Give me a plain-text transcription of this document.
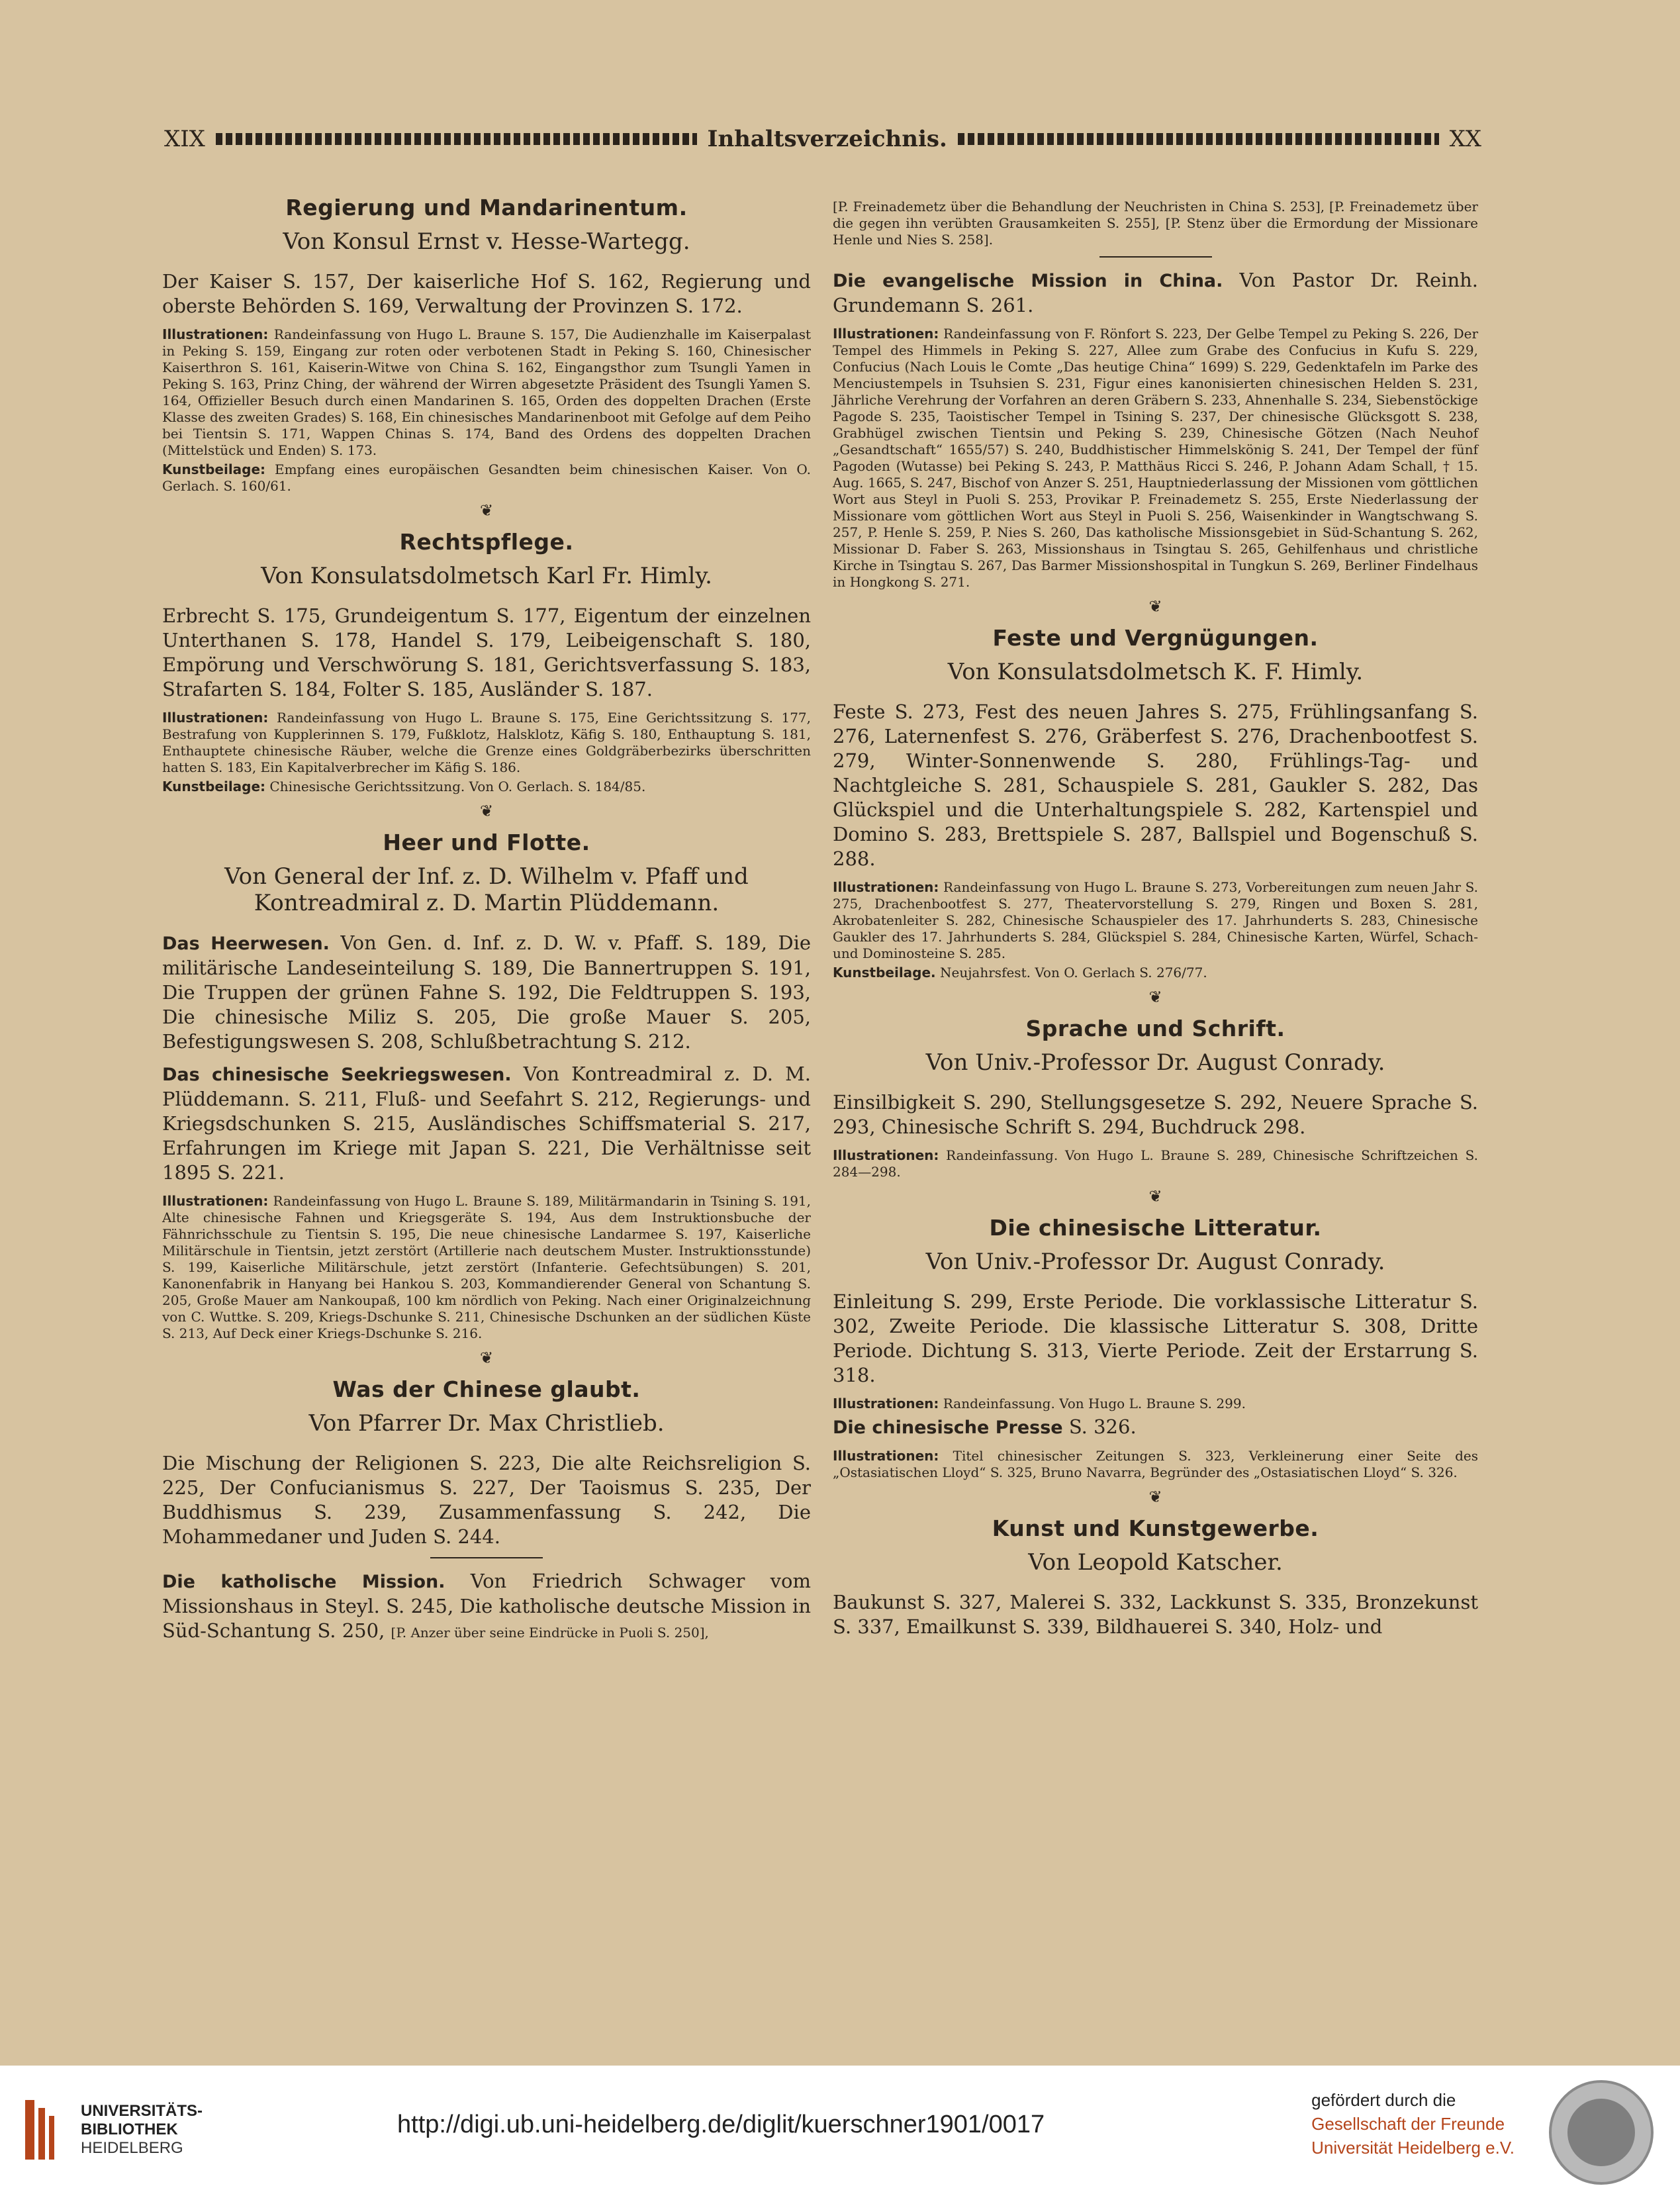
XIX	Inhaltsverzeichnis.	XX
Regierung und Mandarinentum.
Von Konsul Ernst v. Hesse-Wartegg.

Der Kaiser S. 157, Der kaiserliche Hof S. 162, Regierung und oberste Behörden S. 169, Verwaltung der Provinzen S. 172.

Illustrationen: Randeinfassung von Hugo L. Braune S. 157, Die Audienzhalle im Kaiserpalast in Peking S. 159, Eingang zur roten oder verbotenen Stadt in Peking S. 160, Chinesischer Kaiserthron S. 161, Kaiserin-Witwe von China S. 162, Eingangsthor zum Tsungli Yamen in Peking S. 163, Prinz Ching, der während der Wirren abgesetzte Präsident des Tsungli Yamen S. 164, Offizieller Besuch durch einen Mandarinen S. 165, Orden des doppelten Drachen (Erste Klasse des zweiten Grades) S. 168, Ein chinesisches Mandarinenboot mit Gefolge auf dem Peiho bei Tientsin S. 171, Wappen Chinas S. 174, Band des Ordens des doppelten Drachen (Mittelstück und Enden) S. 173.

Kunstbeilage: Empfang eines europäischen Gesandten beim chinesischen Kaiser. Von O. Gerlach. S. 160/61.

❦
Rechtspflege.
Von Konsulatsdolmetsch Karl Fr. Himly.

Erbrecht S. 175, Grundeigentum S. 177, Eigentum der einzelnen Unterthanen S. 178, Handel S. 179, Leibeigenschaft S. 180, Empörung und Verschwörung S. 181, Gerichtsverfassung S. 183, Strafarten S. 184, Folter S. 185, Ausländer S. 187.

Illustrationen: Randeinfassung von Hugo L. Braune S. 175, Eine Gerichtssitzung S. 177, Bestrafung von Kupplerinnen S. 179, Fußklotz, Halsklotz, Käfig S. 180, Enthauptung S. 181, Enthauptete chinesische Räuber, welche die Grenze eines Goldgräberbezirks überschritten hatten S. 183, Ein Kapitalverbrecher im Käfig S. 186.

Kunstbeilage: Chinesische Gerichtssitzung. Von O. Gerlach. S. 184/85.

❦
Heer und Flotte.
Von General der Inf. z. D. Wilhelm v. Pfaff und Kontreadmiral z. D. Martin Plüddemann.

Das Heerwesen. Von Gen. d. Inf. z. D. W. v. Pfaff. S. 189, Die militärische Landeseinteilung S. 189, Die Bannertruppen S. 191, Die Truppen der grünen Fahne S. 192, Die Feldtruppen S. 193, Die chinesische Miliz S. 205, Die große Mauer S. 205, Befestigungswesen S. 208, Schlußbetrachtung S. 212.

Das chinesische Seekriegswesen. Von Kontreadmiral z. D. M. Plüddemann. S. 211, Fluß- und Seefahrt S. 212, Regierungs- und Kriegsdschunken S. 215, Ausländisches Schiffsmaterial S. 217, Erfahrungen im Kriege mit Japan S. 221, Die Verhältnisse seit 1895 S. 221.

Illustrationen: Randeinfassung von Hugo L. Braune S. 189, Militärmandarin in Tsining S. 191, Alte chinesische Fahnen und Kriegsgeräte S. 194, Aus dem Instruktionsbuche der Fähnrichsschule zu Tientsin S. 195, Die neue chinesische Landarmee S. 197, Kaiserliche Militärschule in Tientsin, jetzt zerstört (Artillerie nach deutschem Muster. Instruktionsstunde) S. 199, Kaiserliche Militärschule, jetzt zerstört (Infanterie. Gefechtsübungen) S. 201, Kanonenfabrik in Hanyang bei Hankou S. 203, Kommandierender General von Schantung S. 205, Große Mauer am Nankoupaß, 100 km nördlich von Peking. Nach einer Originalzeichnung von C. Wuttke. S. 209, Kriegs-Dschunke S. 211, Chinesische Dschunken an der südlichen Küste S. 213, Auf Deck einer Kriegs-Dschunke S. 216.

❦
Was der Chinese glaubt.
Von Pfarrer Dr. Max Christlieb.

Die Mischung der Religionen S. 223, Die alte Reichsreligion S. 225, Der Confucianismus S. 227, Der Taoismus S. 235, Der Buddhismus S. 239, Zusammenfassung S. 242, Die Mohammedaner und Juden S. 244.

Die katholische Mission. Von Friedrich Schwager vom Missionshaus in Steyl. S. 245, Die katholische deutsche Mission in Süd-Schantung S. 250, [P. Anzer über seine Eindrücke in Puoli S. 250],

[P. Freinademetz über die Behandlung der Neuchristen in China S. 253], [P. Freinademetz über die gegen ihn verübten Grausamkeiten S. 255], [P. Stenz über die Ermordung der Missionare Henle und Nies S. 258].

Die evangelische Mission in China. Von Pastor Dr. Reinh. Grundemann S. 261.

Illustrationen: Randeinfassung von F. Rönfort S. 223, Der Gelbe Tempel zu Peking S. 226, Der Tempel des Himmels in Peking S. 227, Allee zum Grabe des Confucius in Kufu S. 229, Confucius (Nach Louis le Comte „Das heutige China“ 1699) S. 229, Gedenktafeln im Parke des Menciustempels in Tsuhsien S. 231, Figur eines kanonisierten chinesischen Helden S. 231, Jährliche Verehrung der Vorfahren an deren Gräbern S. 233, Ahnenhalle S. 234, Siebenstöckige Pagode S. 235, Taoistischer Tempel in Tsining S. 237, Der chinesische Glücksgott S. 238, Grabhügel zwischen Tientsin und Peking S. 239, Chinesische Götzen (Nach Neuhof „Gesandtschaft“ 1655/57) S. 240, Buddhistischer Himmelskönig S. 241, Der Tempel der fünf Pagoden (Wutasse) bei Peking S. 243, P. Matthäus Ricci S. 246, P. Johann Adam Schall, † 15. Aug. 1665, S. 247, Bischof von Anzer S. 251, Hauptniederlassung der Missionen vom göttlichen Wort aus Steyl in Puoli S. 253, Provikar P. Freinademetz S. 255, Erste Niederlassung der Missionare vom göttlichen Wort aus Steyl in Puoli S. 256, Waisenkinder in Wangtschwang S. 257, P. Henle S. 259, P. Nies S. 260, Das katholische Missionsgebiet in Süd-Schantung S. 262, Missionar D. Faber S. 263, Missionshaus in Tsingtau S. 265, Gehilfenhaus und christliche Kirche in Tsingtau S. 267, Das Barmer Missionshospital in Tungkun S. 269, Berliner Findelhaus in Hongkong S. 271.

❦
Feste und Vergnügungen.
Von Konsulatsdolmetsch K. F. Himly.

Feste S. 273, Fest des neuen Jahres S. 275, Frühlingsanfang S. 276, Laternenfest S. 276, Gräberfest S. 276, Drachenbootfest S. 279, Winter-Sonnenwende S. 280, Frühlings-Tag- und Nachtgleiche S. 281, Schauspiele S. 281, Gaukler S. 282, Das Glückspiel und die Unterhaltungspiele S. 282, Kartenspiel und Domino S. 283, Brettspiele S. 287, Ballspiel und Bogenschuß S. 288.

Illustrationen: Randeinfassung von Hugo L. Braune S. 273, Vorbereitungen zum neuen Jahr S. 275, Drachenbootfest S. 277, Theatervorstellung S. 279, Ringen und Boxen S. 281, Akrobatenleiter S. 282, Chinesische Schauspieler des 17. Jahrhunderts S. 283, Chinesische Gaukler des 17. Jahrhunderts S. 284, Glückspiel S. 284, Chinesische Karten, Würfel, Schach- und Dominosteine S. 285.

Kunstbeilage. Neujahrsfest. Von O. Gerlach S. 276/77.

❦
Sprache und Schrift.
Von Univ.-Professor Dr. August Conrady.

Einsilbigkeit S. 290, Stellungsgesetze S. 292, Neuere Sprache S. 293, Chinesische Schrift S. 294, Buchdruck 298.

Illustrationen: Randeinfassung. Von Hugo L. Braune S. 289, Chinesische Schriftzeichen S. 284—298.

❦
Die chinesische Litteratur.
Von Univ.-Professor Dr. August Conrady.

Einleitung S. 299, Erste Periode. Die vorklassische Litteratur S. 302, Zweite Periode. Die klassische Litteratur S. 308, Dritte Periode. Dichtung S. 313, Vierte Periode. Zeit der Erstarrung S. 318.

Illustrationen: Randeinfassung. Von Hugo L. Braune S. 299.

Die chinesische Presse S. 326.

Illustrationen: Titel chinesischer Zeitungen S. 323, Verkleinerung einer Seite des „Ostasiatischen Lloyd“ S. 325, Bruno Navarra, Begründer des „Ostasiatischen Lloyd“ S. 326.

❦
Kunst und Kunstgewerbe.
Von Leopold Katscher.

Baukunst S. 327, Malerei S. 332, Lackkunst S. 335, Bronzekunst S. 337, Emailkunst S. 339, Bildhauerei S. 340, Holz- und

UNIVERSITÄTS-
BIBLIOTHEK
HEIDELBERG
http://digi.ub.uni-heidelberg.de/diglit/kuerschner1901/0017
gefördert durch die
Gesellschaft der Freunde
Universität Heidelberg e.V.
